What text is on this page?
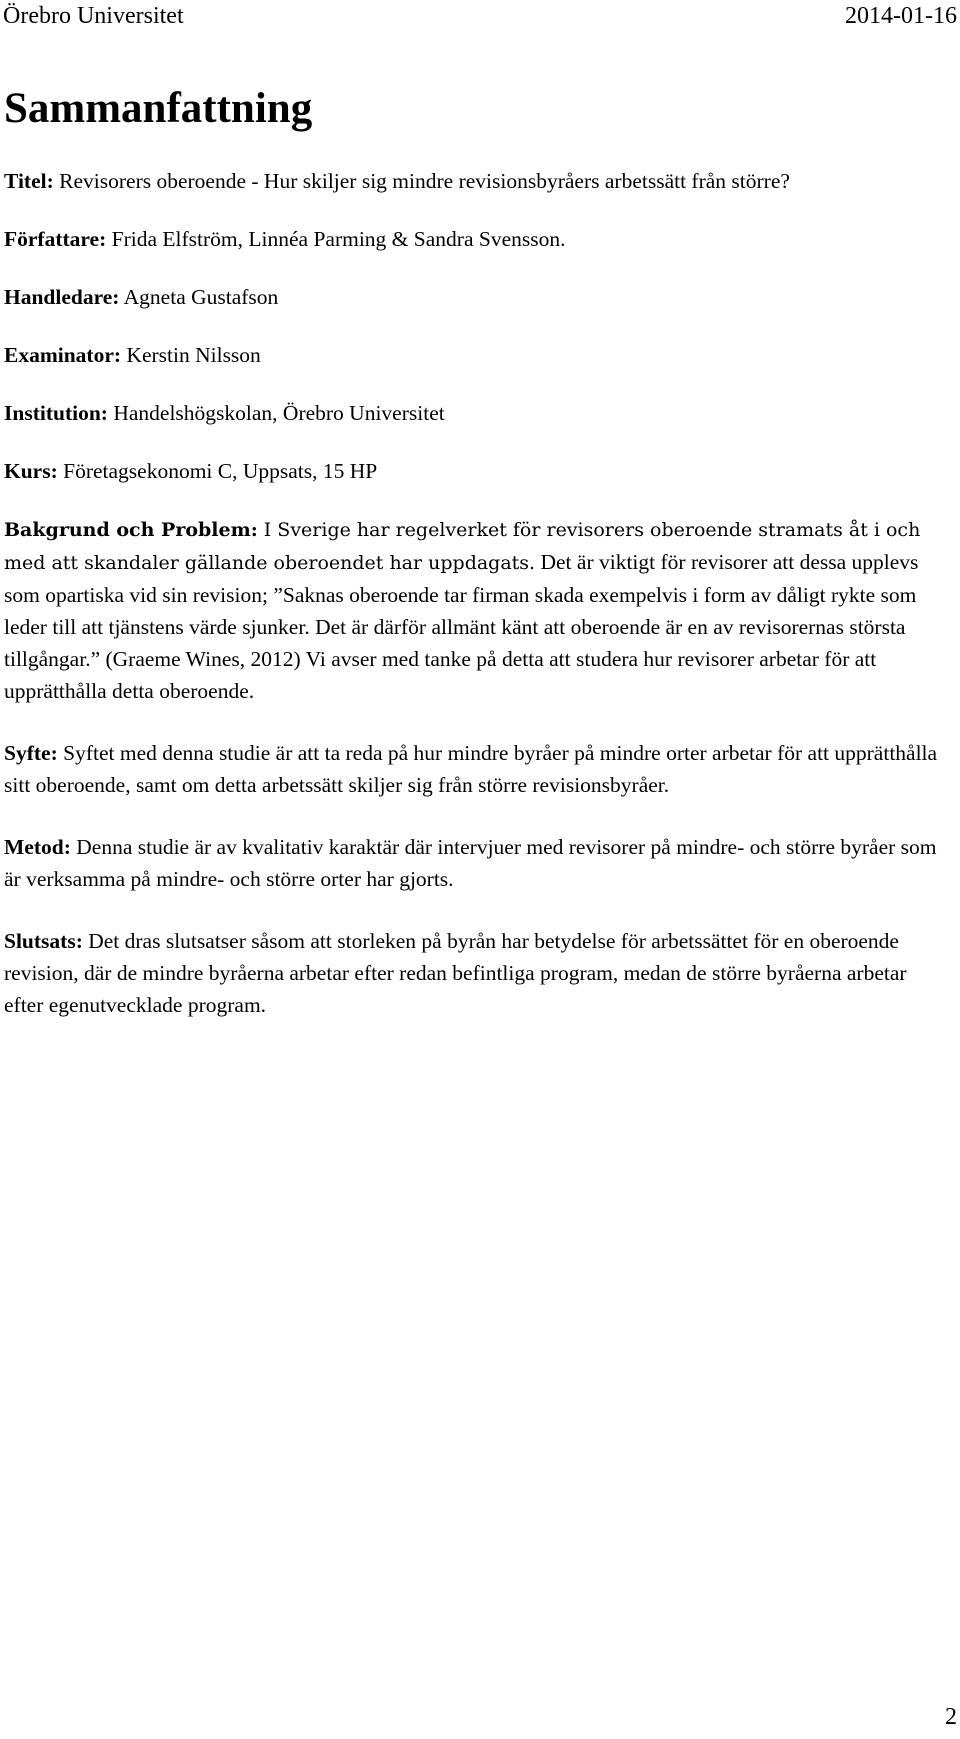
Örebro Universitet	2014-01-16
Sammanfattning

Titel: Revisorers oberoende - Hur skiljer sig mindre revisionsbyråers arbetssätt från större?

Författare: Frida Elfström, Linnéa Parming & Sandra Svensson.

Handledare: Agneta Gustafson

Examinator: Kerstin Nilsson

Institution: Handelshögskolan, Örebro Universitet

Kurs: Företagsekonomi C, Uppsats, 15 HP

Bakgrund och Problem: I Sverige har regelverket för revisorers oberoende stramats åt i och med att skandaler gällande oberoendet har uppdagats. Det är viktigt för revisorer att dessa upplevs som opartiska vid sin revision; ”Saknas oberoende tar firman skada exempelvis i form av dåligt rykte som leder till att tjänstens värde sjunker. Det är därför allmänt känt att oberoende är en av revisorernas största tillgångar.” (Graeme Wines, 2012) Vi avser med tanke på detta att studera hur revisorer arbetar för att upprätthålla detta oberoende.

Syfte: Syftet med denna studie är att ta reda på hur mindre byråer på mindre orter arbetar för att upprätthålla sitt oberoende, samt om detta arbetssätt skiljer sig från större revisionsbyråer.

Metod: Denna studie är av kvalitativ karaktär där intervjuer med revisorer på mindre- och större byråer som är verksamma på mindre- och större orter har gjorts.

Slutsats: Det dras slutsatser såsom att storleken på byrån har betydelse för arbetssättet för en oberoende revision, där de mindre byråerna arbetar efter redan befintliga program, medan de större byråerna arbetar efter egenutvecklade program.

2
